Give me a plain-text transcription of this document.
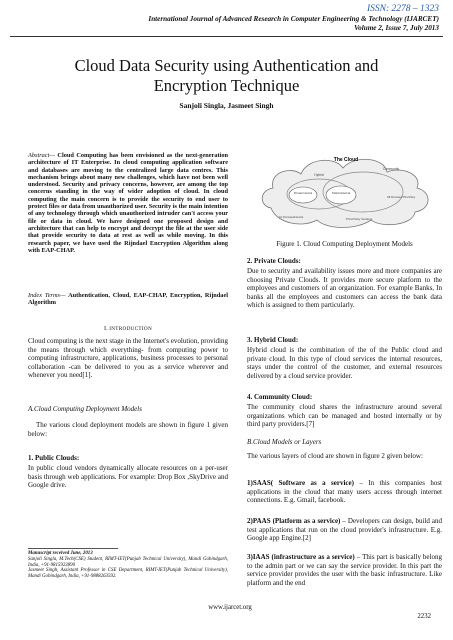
ISSN: 2278 – 1323
International Journal of Advanced Research in Computer Engineering & Technology (IJARCET)
Volume 2, Issue 7, July 2013
Cloud Data Security using Authentication and
Encryption Technique
Sanjoli Singla, Jasmeet Singh

Abstract— Cloud Computing has been envisioned as the next-generation architecture of IT Enterprise. In cloud computing application software and databases are moving to the centralized large data centres. This mechanism brings about many new challenges, which have not been well understood. Security and privacy concerns, however, are among the top concerns standing in the way of wider adoption of cloud. In cloud computing the main concern is to provide the security to end user to protect files or data from unauthorized user. Security is the main intention of any technology through which unauthorized intruder can't access your file or data in cloud. We have designed one proposed design and architecture that can help to encrypt and decrypt the file at the user side that provide security to data at rest as well as while moving. In this research paper, we have used the Rijndael Encryption Algorithm along with EAP-CHAP.

Index Terms— Authentication, Cloud, EAP-CHAP, Encryption, Rijndael Algorithm

I. INTRODUCTION
Cloud computing is the next stage in the Internet's evolution, providing the means through which everything- from computing power to computing infrastructure, applications, business processes to personal collaboration -can be delivered to you as a service wherever and whenever you need[1].
A.Cloud Computing Deployment Models
The various cloud deployment models are shown in figure 1 given below:
1. Public Clouds:
In public cloud vendors dynamically allocate resources on a per-user basis through web applications. For example: Drop Box ,SkyDrive and Google drive.

Manuscript received June, 2013

Sanjoli Singla, M.Tech(CSE) Student, RIMT-IET(Punjab Technical University), Mandi Gobindgarh, India, +91-9815923890

Jasmeet Singh, Assistant Professor in CSE Department, RIMT-IET(Punjab Technical University), Mandi Gobindgarh, India, +91-9888263592.

The Cloud
Hybrid
Community
Private/ Internal	Public/ External
On Premises/Internal
Off Premises/Third Party
Third Party Vendors
Figure 1. Cloud Computing Deployment Models
2. Private Clouds:
Due to security and availability issues more and more companies are choosing Private Clouds. It provides more secure platform to the employees and customers of an organization. For example Banks, In banks all the employees and customers can access the bank data which is assigned to them particularly.
3. Hybrid Cloud:
Hybrid cloud is the combination of the of the Public cloud and private cloud. In this type of cloud services the internal resources, stays under the control of the customer, and external resources delivered by a cloud service provider.
4. Community Cloud:
The community cloud shares the infrastructure around several organizations which can be managed and hosted internally or by third party providers.[7]
B.Cloud Models or Layers
The various layers of cloud are shown in figure 2 given below:
1)SAAS( Software as a service) – In this companies host applications in the cloud that many users access through internet connections. E.g. Gmail, facebook.
2)PAAS (Platform as a service) – Developers can design, build and test applications that run on the cloud provider's infrastructure. E.g. Google app Engine.[2]
3)IAAS (infrastructure as a service) – This part is basically belong to the admin part or we can say the service provider. In this part the service provider provides the user with the basic infrastructure. Like platform and the end
www.ijarcet.org
2232
